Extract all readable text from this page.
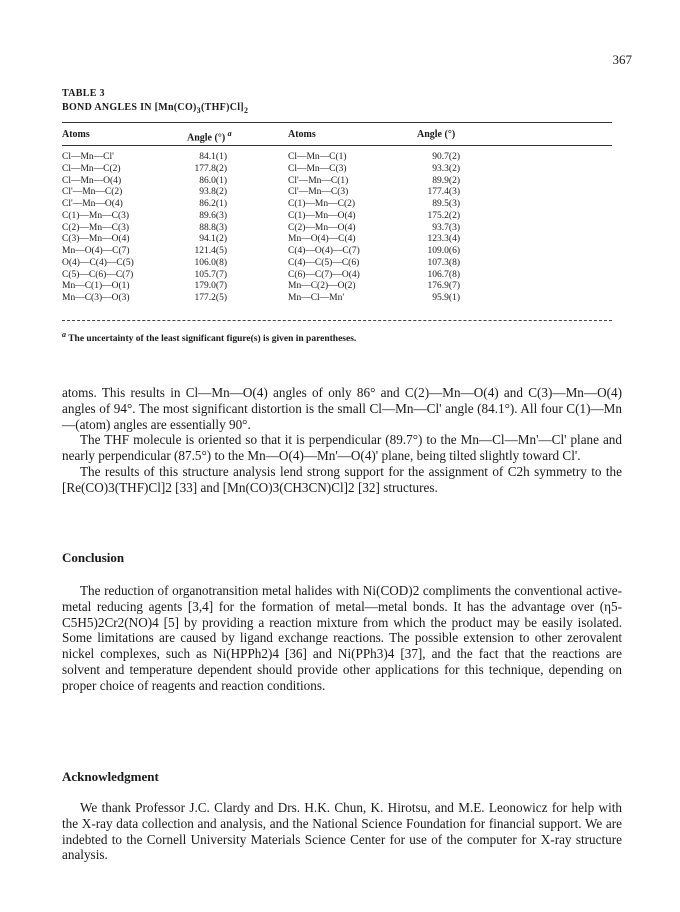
367
TABLE 3
BOND ANGLES IN $[Mn(CO)_3(THF)Cl]_2$
Atoms	Angle (°) $^a$	Atoms	Angle (°)
Cl—Mn—Cl'	84.1(1)	Cl—Mn—C(1)	90.7(2)
Cl—Mn—C(2)	177.8(2)	Cl—Mn—C(3)	93.3(2)
Cl—Mn—O(4)	86.0(1)	Cl'—Mn—C(1)	89.9(2)
Cl'—Mn—C(2)	93.8(2)	Cl'—Mn—C(3)	177.4(3)
Cl'—Mn—O(4)	86.2(1)	C(1)—Mn—C(2)	89.5(3)
C(1)—Mn—C(3)	89.6(3)	C(1)—Mn—O(4)	175.2(2)
C(2)—Mn—C(3)	88.8(3)	C(2)—Mn—O(4)	93.7(3)
C(3)—Mn—O(4)	94.1(2)	Mn—O(4)—C(4)	123.3(4)
Mn—O(4)—C(7)	121.4(5)	C(4)—O(4)—C(7)	109.0(6)
O(4)—C(4)—C(5)	106.0(8)	C(4)—C(5)—C(6)	107.3(8)
C(5)—C(6)—C(7)	105.7(7)	C(6)—C(7)—O(4)	106.7(8)
Mn—C(1)—O(1)	179.0(7)	Mn—C(2)—O(2)	176.9(7)
Mn—C(3)—O(3)	177.2(5)	Mn—Cl—Mn'	95.9(1)
$^a$ The uncertainty of the least significant figure(s) is given in parentheses.

atoms. This results in Cl—Mn—O(4) angles of only 86° and C(2)—Mn—O(4) and C(3)—Mn—O(4) angles of 94°. The most significant distortion is the small Cl—Mn—Cl' angle (84.1°). All four C(1)—Mn—(atom) angles are essentially 90°.

The THF molecule is oriented so that it is perpendicular (89.7°) to the Mn—Cl—Mn'—Cl' plane and nearly perpendicular (87.5°) to the Mn—O(4)—Mn'—O(4)' plane, being tilted slightly toward Cl'.

The results of this structure analysis lend strong support for the assignment of C2h symmetry to the [Re(CO)3(THF)Cl]2 [33] and [Mn(CO)3(CH3CN)Cl]2 [32] structures.

Conclusion

The reduction of organotransition metal halides with Ni(COD)2 compliments the conventional active-metal reducing agents [3,4] for the formation of metal—metal bonds. It has the advantage over (η5-C5H5)2Cr2(NO)4 [5] by providing a reaction mixture from which the product may be easily isolated. Some limitations are caused by ligand exchange reactions. The possible extension to other zerovalent nickel complexes, such as Ni(HPPh2)4 [36] and Ni(PPh3)4 [37], and the fact that the reactions are solvent and temperature dependent should provide other applications for this technique, depending on proper choice of reagents and reaction conditions.

Acknowledgment

We thank Professor J.C. Clardy and Drs. H.K. Chun, K. Hirotsu, and M.E. Leonowicz for help with the X-ray data collection and analysis, and the National Science Foundation for financial support. We are indebted to the Cornell University Materials Science Center for use of the computer for X-ray structure analysis.
